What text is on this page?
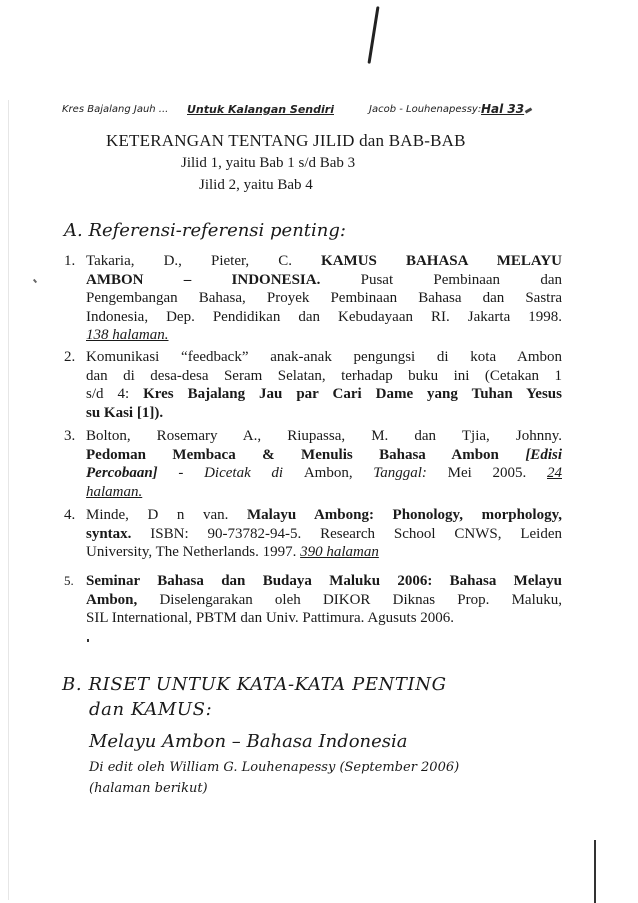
Kres Bajalang Jauh ... Untuk Kalangan Sendiri	Jacob - Louhenapessy: Hal 33
KETERANGAN TENTANG JILID dan BAB-BAB
Jilid 1, yaitu Bab 1 s/d Bab 3
Jilid 2, yaitu Bab 4
A. Referensi-referensi penting:
1. Takaria, D., Pieter, C. KAMUS BAHASA MELAYU
AMBON – INDONESIA. Pusat Pembinaan dan
Pengembangan Bahasa, Proyek Pembinaan Bahasa dan Sastra
Indonesia, Dep. Pendidikan dan Kebudayaan RI. Jakarta 1998.
138 halaman.
2. Komunikasi “feedback” anak-anak pengungsi di kota Ambon
dan di desa-desa Seram Selatan, terhadap buku ini (Cetakan 1
s/d 4: Kres Bajalang Jau par Cari Dame yang Tuhan Yesus
su Kasi [1]).
3. Bolton, Rosemary A., Riupassa, M. dan Tjia, Johnny.
Pedoman Membaca & Menulis Bahasa Ambon [Edisi
Percobaan] - Dicetak di Ambon, Tanggal: Mei 2005. 24
halaman.
4. Minde, D n van. Malayu Ambong: Phonology, morphology,
syntax. ISBN: 90-73782-94-5. Research School CNWS, Leiden
University, The Netherlands. 1997. 390 halaman
5. Seminar Bahasa dan Budaya Maluku 2006: Bahasa Melayu
Ambon, Diselengarakan oleh DIKOR Diknas Prop. Maluku,
SIL International, PBTM dan Univ. Pattimura. Agusuts 2006.
B. RISET UNTUK KATA-KATA PENTING
dan KAMUS:
Melayu Ambon – Bahasa Indonesia
Di edit oleh William G. Louhenapessy (September 2006)
(halaman berikut)
